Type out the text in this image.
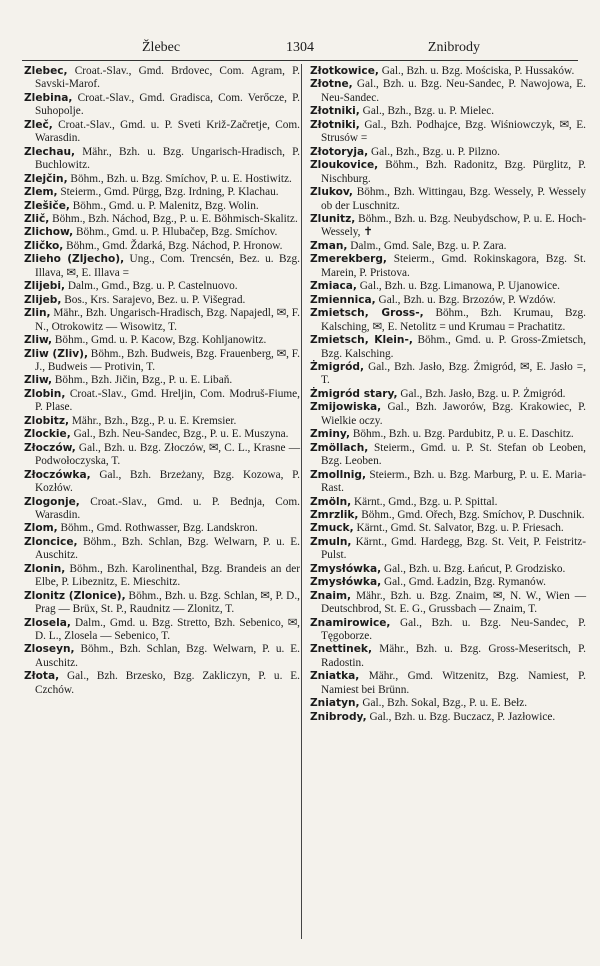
Žlebec	1304	Znibrody
Zlebec, Croat.-Slav., Gmd. Brdovec, Com. Agram, P. Savski-Marof.
Zlebina, Croat.-Slav., Gmd. Gradisca, Com. Verőcze, P. Suhopolje.
Zleč, Croat.-Slav., Gmd. u. P. Sveti Križ-Začretje, Com. Warasdin.
Zlechau, Mähr., Bzh. u. Bzg. Ungarisch-Hradisch, P. Buchlowitz.
Zlejčin, Böhm., Bzh. u. Bzg. Smíchov, P. u. E. Hostiwitz.
Zlem, Steierm., Gmd. Pürgg, Bzg. Irdning, P. Klachau.
Zlešiče, Böhm., Gmd. u. P. Malenitz, Bzg. Wolin.
Zlič, Böhm., Bzh. Náchod, Bzg., P. u. E. Böhmisch-Skalitz.
Zlichow, Böhm., Gmd. u. P. Hlubačep, Bzg. Smíchov.
Zličko, Böhm., Gmd. Ždarká, Bzg. Náchod, P. Hronow.
Zlieho (Zljecho), Ung., Com. Trencsén, Bez. u. Bzg. Illava, ✉, E. Illava =
Zlijebi, Dalm., Gmd., Bzg. u. P. Castelnuovo.
Zlijeb, Bos., Krs. Sarajevo, Bez. u. P. Višegrad.
Zlin, Mähr., Bzh. Ungarisch-Hradisch, Bzg. Napajedl, ✉, F. N., Otrokowitz — Wisowitz, T.
Zliw, Böhm., Gmd. u. P. Kacow, Bzg. Kohljanowitz.
Zliw (Zliv), Böhm., Bzh. Budweis, Bzg. Frauenberg, ✉, F. J., Budweis — Protivin, T.
Zliw, Böhm., Bzh. Jičin, Bzg., P. u. E. Libaň.
Zlobin, Croat.-Slav., Gmd. Hreljin, Com. Modruš-Fiume, P. Plase.
Zlobitz, Mähr., Bzh., Bzg., P. u. E. Kremsier.
Zlockie, Gal., Bzh. Neu-Sandec, Bzg., P. u. E. Muszyna.
Złoczów, Gal., Bzh. u. Bzg. Złoczów, ✉, C. L., Krasne — Podwołoczyska, T.
Złoczówka, Gal., Bzh. Brzeżany, Bzg. Kozowa, P. Kozłów.
Zlogonje, Croat.-Slav., Gmd. u. P. Bednja, Com. Warasdin.
Zlom, Böhm., Gmd. Rothwasser, Bzg. Landskron.
Zloncice, Böhm., Bzh. Schlan, Bzg. Welwarn, P. u. E. Auschitz.
Zlonin, Böhm., Bzh. Karolinenthal, Bzg. Brandeis an der Elbe, P. Libeznitz, E. Mieschitz.
Zlonitz (Zlonice), Böhm., Bzh. u. Bzg. Schlan, ✉, P. D., Prag — Brüx, St. P., Raudnitz — Zlonitz, T.
Zlosela, Dalm., Gmd. u. Bzg. Stretto, Bzh. Sebenico, ✉, D. L., Zlosela — Sebenico, T.
Zloseyn, Böhm., Bzh. Schlan, Bzg. Welwarn, P. u. E. Auschitz.
Złota, Gal., Bzh. Brzesko, Bzg. Zakliczyn, P. u. E. Czchów.
Złotkowice, Gal., Bzh. u. Bzg. Mościska, P. Hussaków.
Złotne, Gal., Bzh. u. Bzg. Neu-Sandec, P. Nawojowa, E. Neu-Sandec.
Złotniki, Gal., Bzh., Bzg. u. P. Mielec.
Złotniki, Gal., Bzh. Podhajce, Bzg. Wiśniowczyk, ✉, E. Strusów =
Złotoryja, Gal., Bzh., Bzg. u. P. Pilzno.
Zloukovice, Böhm., Bzh. Radonitz, Bzg. Pürglitz, P. Nischburg.
Zlukov, Böhm., Bzh. Wittingau, Bzg. Wessely, P. Wessely ob der Luschnitz.
Zlunitz, Böhm., Bzh. u. Bzg. Neubydschow, P. u. E. Hoch-Wessely, ✝
Zman, Dalm., Gmd. Sale, Bzg. u. P. Zara.
Zmerekberg, Steierm., Gmd. Rokinskagora, Bzg. St. Marein, P. Pristova.
Zmiaca, Gal., Bzh. u. Bzg. Limanowa, P. Ujanowice.
Zmiennica, Gal., Bzh. u. Bzg. Brzozów, P. Wzdów.
Zmietsch, Gross-, Böhm., Bzh. Krumau, Bzg. Kalsching, ✉, E. Netolitz = und Krumau = Prachatitz.
Zmietsch, Klein-, Böhm., Gmd. u. P. Gross-Zmietsch, Bzg. Kalsching.
Żmigród, Gal., Bzh. Jasło, Bzg. Żmigród, ✉, E. Jasło =, T.
Żmigród stary, Gal., Bzh. Jasło, Bzg. u. P. Żmigród.
Zmijowiska, Gal., Bzh. Jaworów, Bzg. Krakowiec, P. Wielkie oczy.
Zminy, Böhm., Bzh. u. Bzg. Pardubitz, P. u. E. Daschitz.
Zmöllach, Steierm., Gmd. u. P. St. Stefan ob Leoben, Bzg. Leoben.
Zmollnig, Steierm., Bzh. u. Bzg. Marburg, P. u. E. Maria-Rast.
Zmöln, Kärnt., Gmd., Bzg. u. P. Spittal.
Zmrzlik, Böhm., Gmd. Ořech, Bzg. Smíchov, P. Duschnik.
Zmuck, Kärnt., Gmd. St. Salvator, Bzg. u. P. Friesach.
Zmuln, Kärnt., Gmd. Hardegg, Bzg. St. Veit, P. Feistritz-Pulst.
Zmysłówka, Gal., Bzh. u. Bzg. Łańcut, P. Grodzisko.
Zmysłówka, Gal., Gmd. Ładzin, Bzg. Rymanów.
Znaim, Mähr., Bzh. u. Bzg. Znaim, ✉, N. W., Wien — Deutschbrod, St. E. G., Grussbach — Znaim, T.
Znamirowice, Gal., Bzh. u. Bzg. Neu-Sandec, P. Tęgoborze.
Znettinek, Mähr., Bzh. u. Bzg. Gross-Meseritsch, P. Radostin.
Zniatka, Mähr., Gmd. Witzenitz, Bzg. Namiest, P. Namiest bei Brünn.
Zniatyn, Gal., Bzh. Sokal, Bzg., P. u. E. Bełz.
Znibrody, Gal., Bzh. u. Bzg. Buczacz, P. Jazłowice.
